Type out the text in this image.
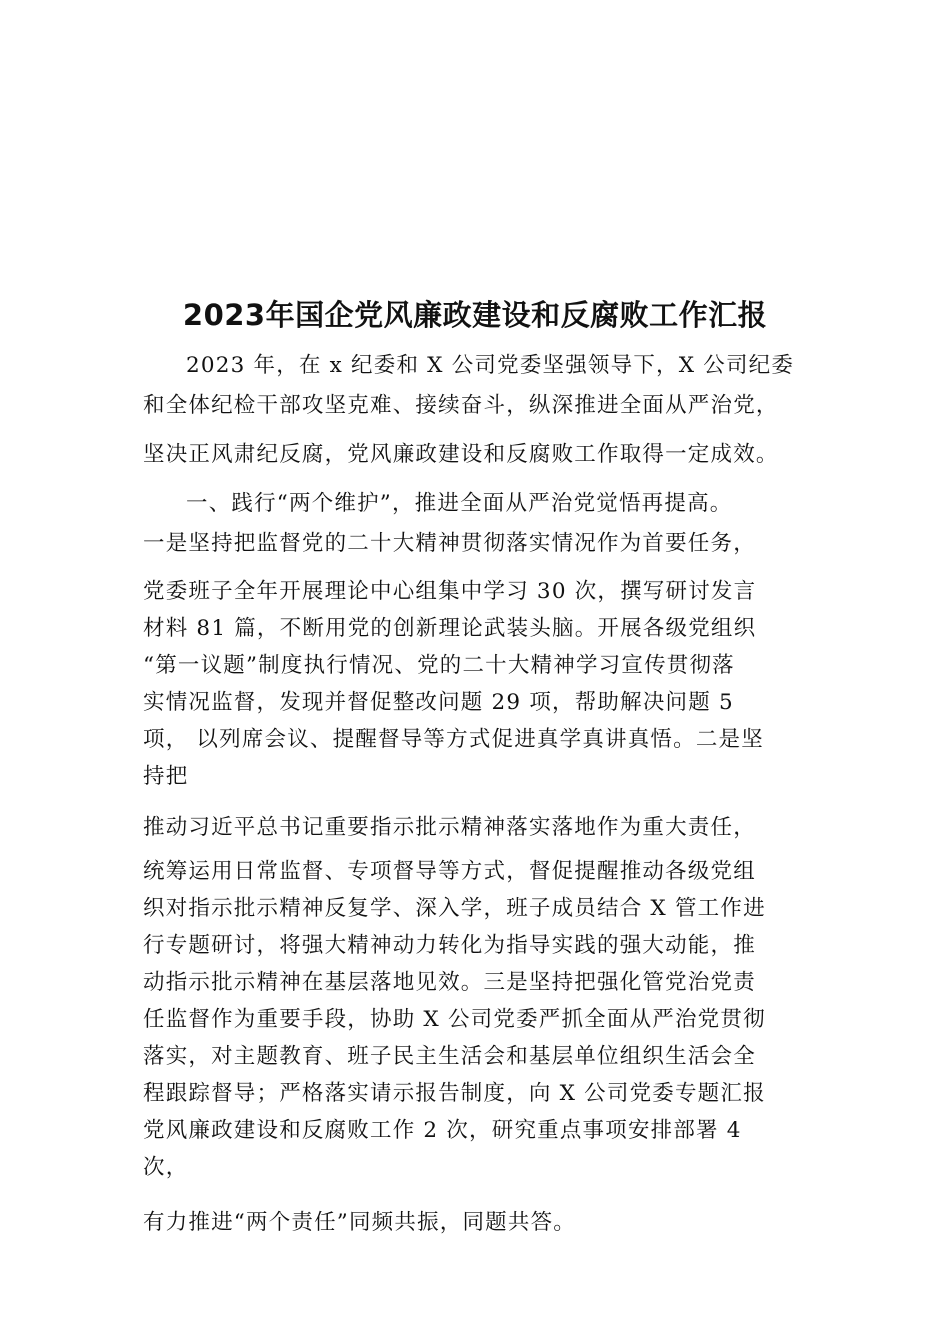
2023年国企党风廉政建设和反腐败工作汇报
2023 年，在 x 纪委和 X 公司党委坚强领导下，X 公司纪委
和全体纪检干部攻坚克难、接续奋斗，纵深推进全面从严治党，
坚决正风肃纪反腐，党风廉政建设和反腐败工作取得一定成效。
一、践行“两个维护”，推进全面从严治党觉悟再提高。
一是坚持把监督党的二十大精神贯彻落实情况作为首要任务，
党委班子全年开展理论中心组集中学习 30 次，撰写研讨发言
材料 81 篇，不断用党的创新理论武装头脑。开展各级党组织
“第一议题”制度执行情况、党的二十大精神学习宣传贯彻落
实情况监督，发现并督促整改问题 29 项，帮助解决问题 5
项， 以列席会议、提醒督导等方式促进真学真讲真悟。二是坚
持把
推动习近平总书记重要指示批示精神落实落地作为重大责任，
统筹运用日常监督、专项督导等方式，督促提醒推动各级党组
织对指示批示精神反复学、深入学，班子成员结合 X 管工作进
行专题研讨，将强大精神动力转化为指导实践的强大动能，推
动指示批示精神在基层落地见效。三是坚持把强化管党治党责
任监督作为重要手段，协助 X 公司党委严抓全面从严治党贯彻
落实，对主题教育、班子民主生活会和基层单位组织生活会全
程跟踪督导；严格落实请示报告制度，向 X 公司党委专题汇报
党风廉政建设和反腐败工作 2 次，研究重点事项安排部署 4
次，
有力推进“两个责任”同频共振，同题共答。
